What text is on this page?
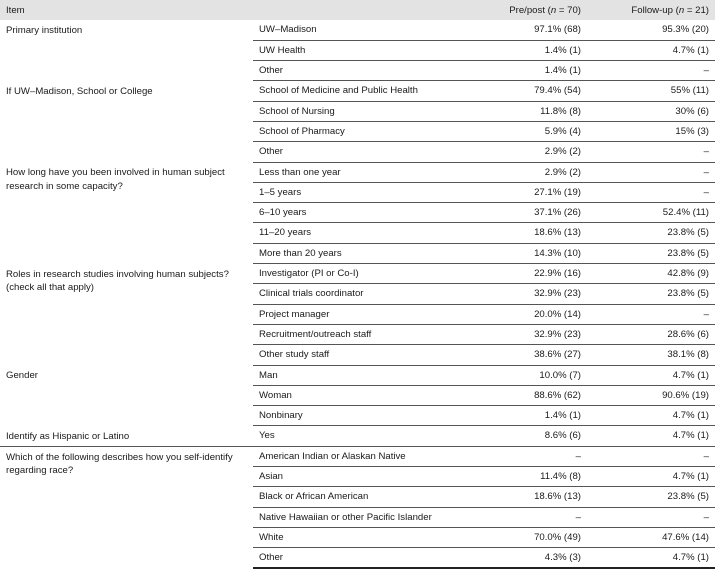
Item		Pre/post (n = 70)	Follow-up (n = 21)
Primary institution	UW–Madison	97.1% (68)	95.3% (20)
	UW Health	1.4% (1)	4.7% (1)
	Other	1.4% (1)	–
If UW–Madison, School or College	School of Medicine and Public Health	79.4% (54)	55% (11)
	School of Nursing	11.8% (8)	30% (6)
	School of Pharmacy	5.9% (4)	15% (3)
	Other	2.9% (2)	–
How long have you been involved in human subject research in some capacity?	Less than one year	2.9% (2)	–
	1–5 years	27.1% (19)	–
	6–10 years	37.1% (26)	52.4% (11)
	11–20 years	18.6% (13)	23.8% (5)
	More than 20 years	14.3% (10)	23.8% (5)
Roles in research studies involving human subjects? (check all that apply)	Investigator (PI or Co-I)	22.9% (16)	42.8% (9)
	Clinical trials coordinator	32.9% (23)	23.8% (5)
	Project manager	20.0% (14)	–
	Recruitment/outreach staff	32.9% (23)	28.6% (6)
	Other study staff	38.6% (27)	38.1% (8)
Gender	Man	10.0% (7)	4.7% (1)
	Woman	88.6% (62)	90.6% (19)
	Nonbinary	1.4% (1)	4.7% (1)
Identify as Hispanic or Latino	Yes	8.6% (6)	4.7% (1)
Which of the following describes how you self-identify regarding race?	American Indian or Alaskan Native	–	–
	Asian	11.4% (8)	4.7% (1)
	Black or African American	18.6% (13)	23.8% (5)
	Native Hawaiian or other Pacific Islander	–	–
	White	70.0% (49)	47.6% (14)
	Other	4.3% (3)	4.7% (1)
